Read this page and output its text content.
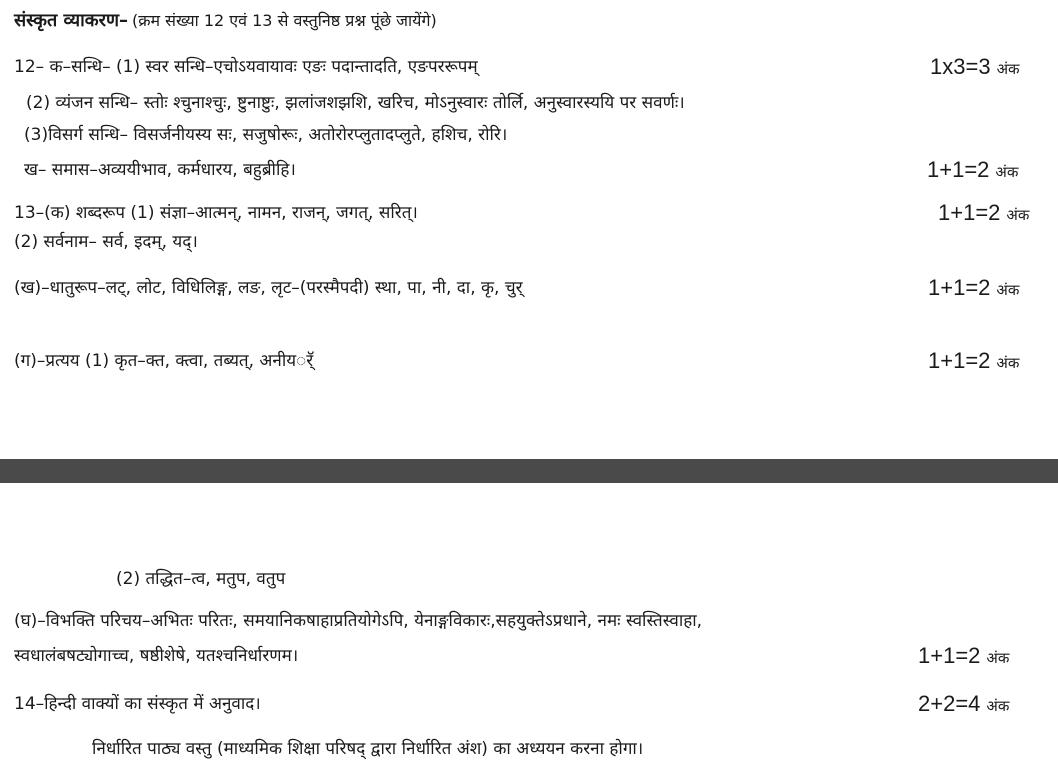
संस्कृत व्याकरण– (क्रम संख्या 12 एवं 13 से वस्तुनिष्ठ प्रश्न पूंछे जायेंगे)
12– क–सन्धि– (1) स्वर सन्धि–एचोऽयवायावः एङः पदान्तादति, एङपररूपम्	1x3=3 अंक
(2) व्यंजन सन्धि– स्तोः श्चुनाश्चुः, ष्टुनाष्टुः, झलांजशझशि, खरिच, मोऽनुस्वारः तोर्लि, अनुस्वारस्ययि पर सवर्णः।
(3)विसर्ग सन्धि– विसर्जनीयस्य सः, सजुषोरूः, अतोरोरप्लुतादप्लुते, हशिच, रोरि।
ख– समास–अव्ययीभाव, कर्मधारय, बहुब्रीहि।	1+1=2 अंक
13–(क) शब्दरूप (1) संज्ञा–आत्मन्, नामन, राजन्, जगत्, सरित्।	1+1=2 अंक
(2) सर्वनाम– सर्व, इदम्, यद्।
(ख)–धातुरूप–लट्, लोट, विधिलिङ्ग, लङ, लृट–(परस्मैपदी) स्था, पा, नी, दा, कृ, चुर्	1+1=2 अंक
(ग)–प्रत्यय (1) कृत–क्त, क्त्वा, तब्यत्, अनीयर्ॅ	1+1=2 अंक
(2) तद्धित–त्व, मतुप, वतुप
(घ)–विभक्ति परिचय–अभितः परितः, समयानिकषाहाप्रतियोगेऽपि, येनाङ्गविकारः,सहयुक्तेऽप्रधाने, नमः स्वस्तिस्वाहा,
स्वधालंबषट्योगाच्च, षष्ठीशेषे, यतश्चनिर्धारणम।	1+1=2 अंक
14–हिन्दी वाक्यों का संस्कृत में अनुवाद।	2+2=4 अंक
निर्धारित पाठ्य वस्तु (माध्यमिक शिक्षा परिषद् द्वारा निर्धारित अंश) का अध्ययन करना होगा।
